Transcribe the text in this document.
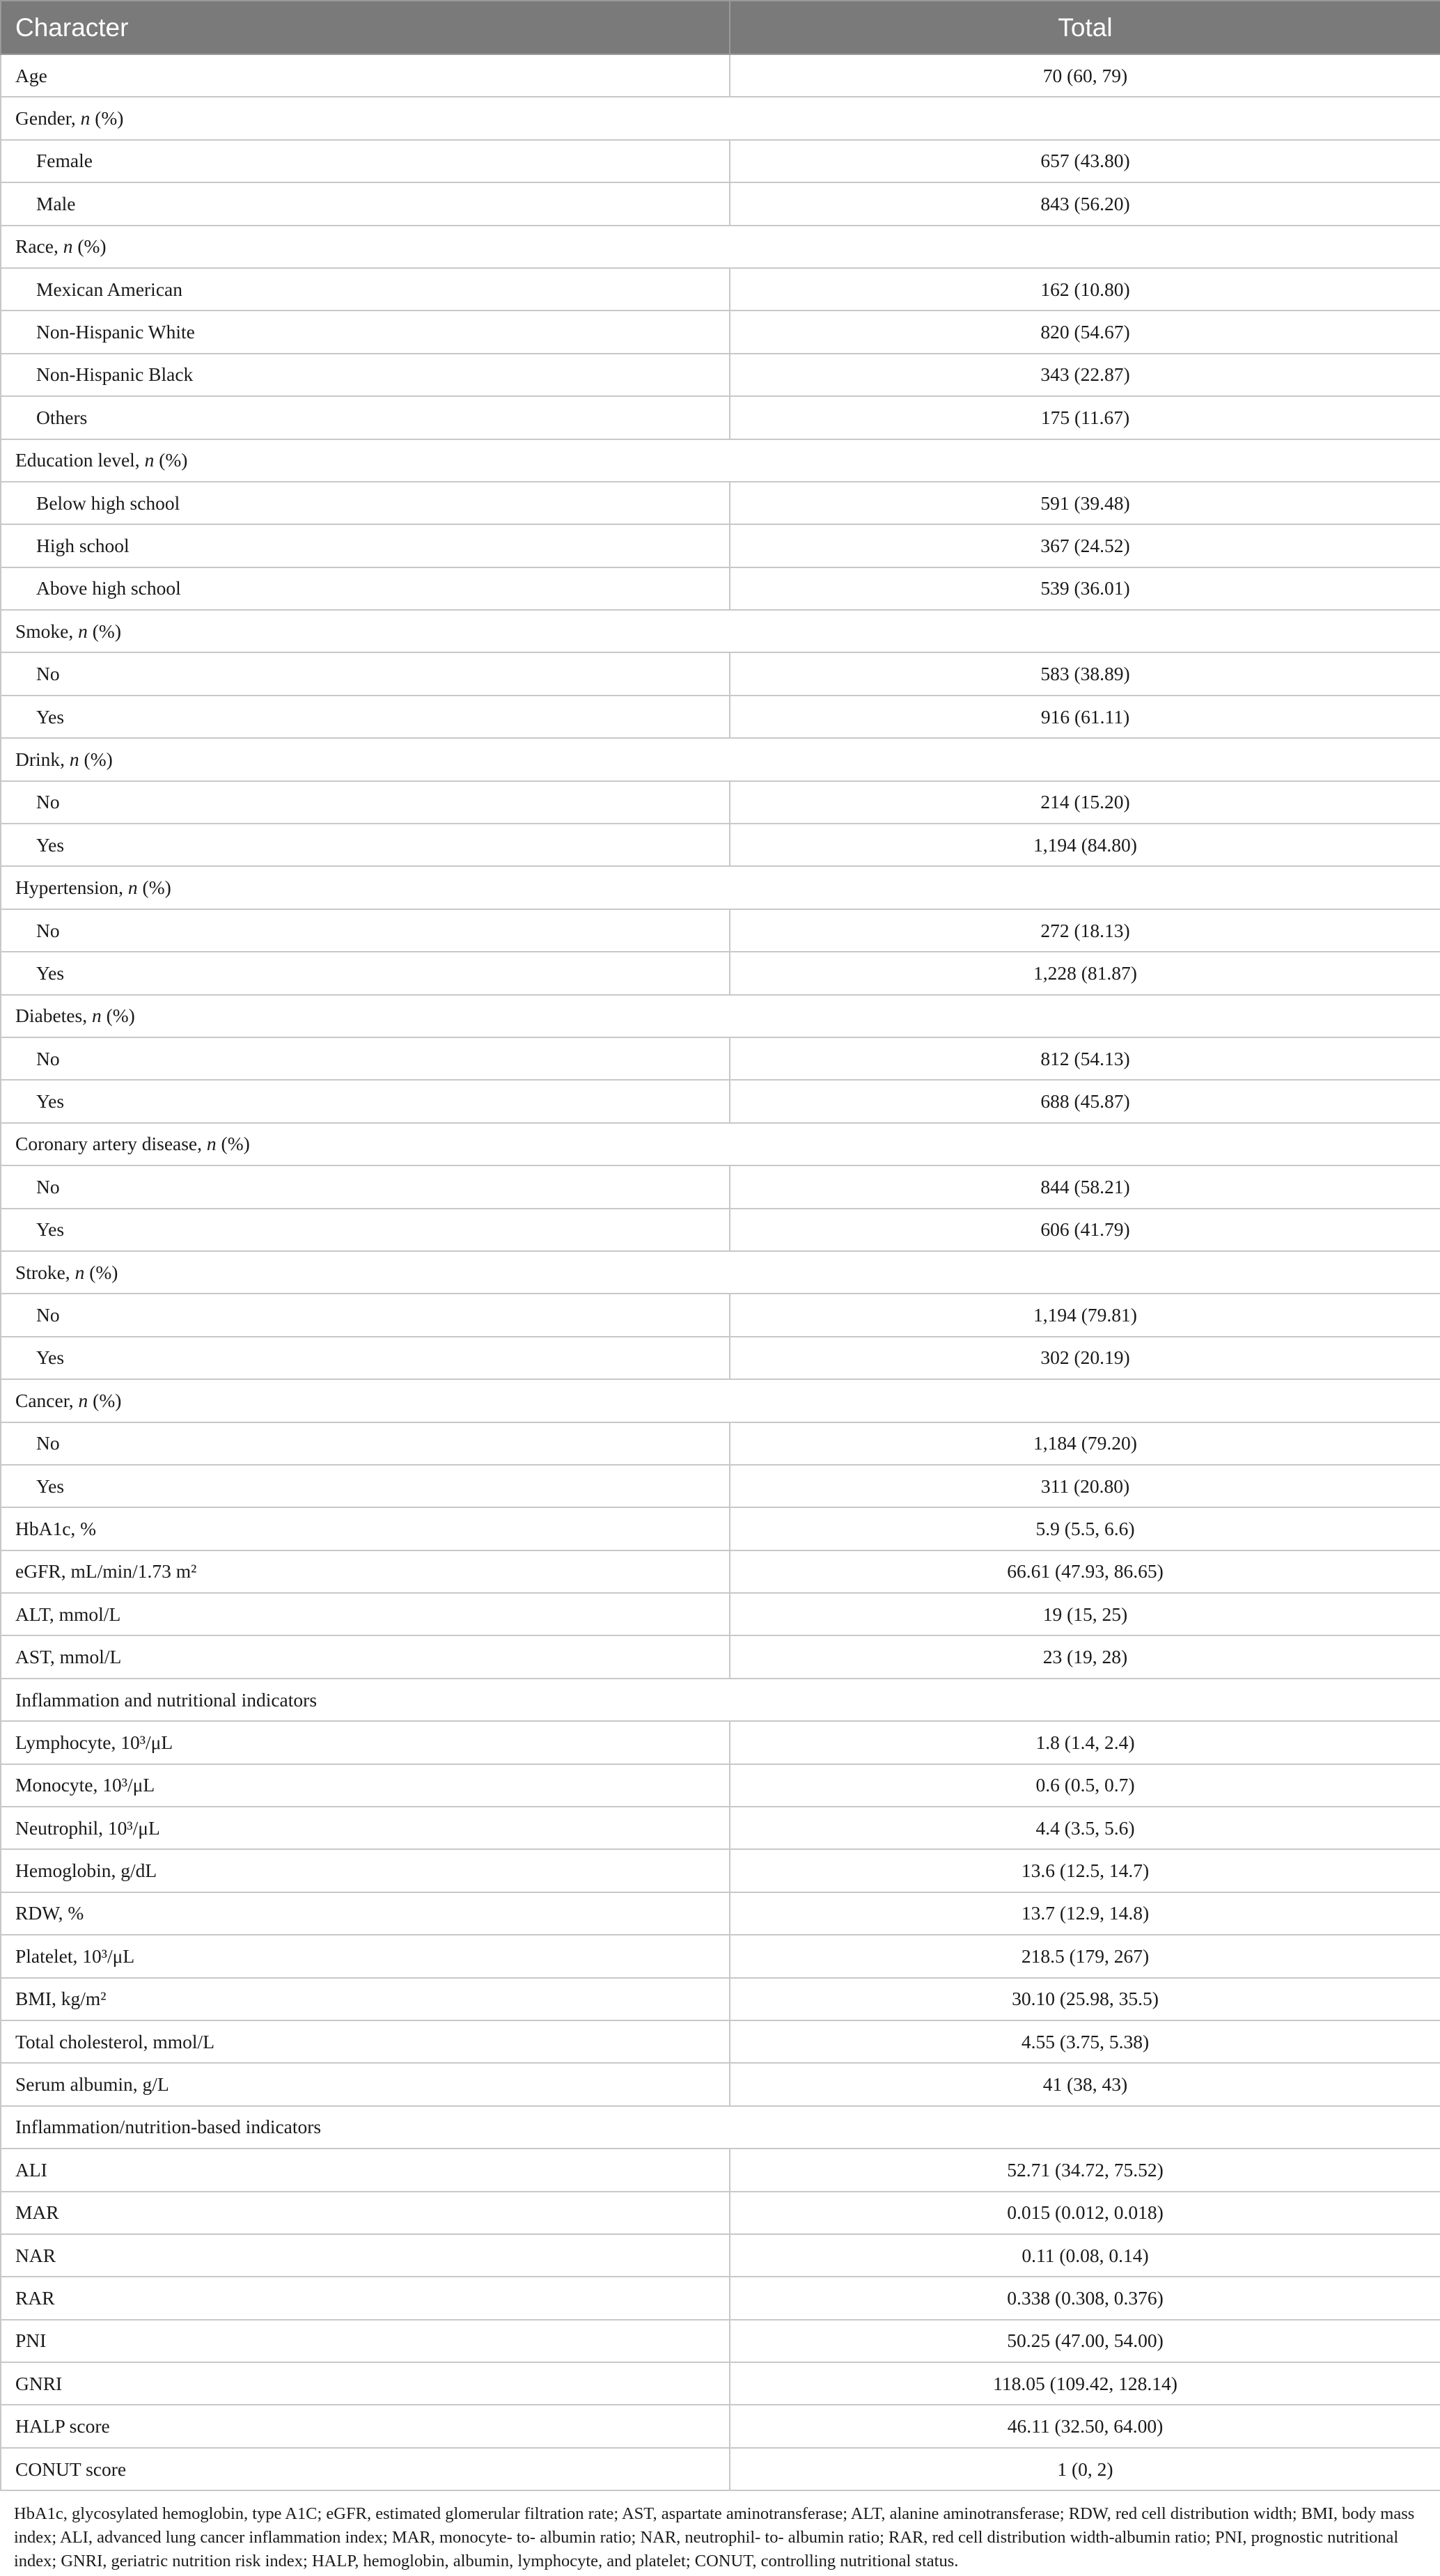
Character	Total
Age	70 (60, 79)
Gender, n (%)	
Female	657 (43.80)
Male	843 (56.20)
Race, n (%)	
Mexican American	162 (10.80)
Non-Hispanic White	820 (54.67)
Non-Hispanic Black	343 (22.87)
Others	175 (11.67)
Education level, n (%)	
Below high school	591 (39.48)
High school	367 (24.52)
Above high school	539 (36.01)
Smoke, n (%)	
No	583 (38.89)
Yes	916 (61.11)
Drink, n (%)	
No	214 (15.20)
Yes	1,194 (84.80)
Hypertension, n (%)	
No	272 (18.13)
Yes	1,228 (81.87)
Diabetes, n (%)	
No	812 (54.13)
Yes	688 (45.87)
Coronary artery disease, n (%)	
No	844 (58.21)
Yes	606 (41.79)
Stroke, n (%)	
No	1,194 (79.81)
Yes	302 (20.19)
Cancer, n (%)	
No	1,184 (79.20)
Yes	311 (20.80)
HbA1c, %	5.9 (5.5, 6.6)
eGFR, mL/min/1.73 m²	66.61 (47.93, 86.65)
ALT, mmol/L	19 (15, 25)
AST, mmol/L	23 (19, 28)
Inflammation and nutritional indicators	
Lymphocyte, 10³/μL	1.8 (1.4, 2.4)
Monocyte, 10³/μL	0.6 (0.5, 0.7)
Neutrophil, 10³/μL	4.4 (3.5, 5.6)
Hemoglobin, g/dL	13.6 (12.5, 14.7)
RDW, %	13.7 (12.9, 14.8)
Platelet, 10³/μL	218.5 (179, 267)
BMI, kg/m²	30.10 (25.98, 35.5)
Total cholesterol, mmol/L	4.55 (3.75, 5.38)
Serum albumin, g/L	41 (38, 43)
Inflammation/nutrition-based indicators	
ALI	52.71 (34.72, 75.52)
MAR	0.015 (0.012, 0.018)
NAR	0.11 (0.08, 0.14)
RAR	0.338 (0.308, 0.376)
PNI	50.25 (47.00, 54.00)
GNRI	118.05 (109.42, 128.14)
HALP score	46.11 (32.50, 64.00)
CONUT score	1 (0, 2)
HbA1c, glycosylated hemoglobin, type A1C; eGFR, estimated glomerular filtration rate; AST, aspartate aminotransferase; ALT, alanine aminotransferase; RDW, red cell distribution width; BMI, body mass index; ALI, advanced lung cancer inflammation index; MAR, monocyte- to- albumin ratio; NAR, neutrophil- to- albumin ratio; RAR, red cell distribution width-albumin ratio; PNI, prognostic nutritional index; GNRI, geriatric nutrition risk index; HALP, hemoglobin, albumin, lymphocyte, and platelet; CONUT, controlling nutritional status.
